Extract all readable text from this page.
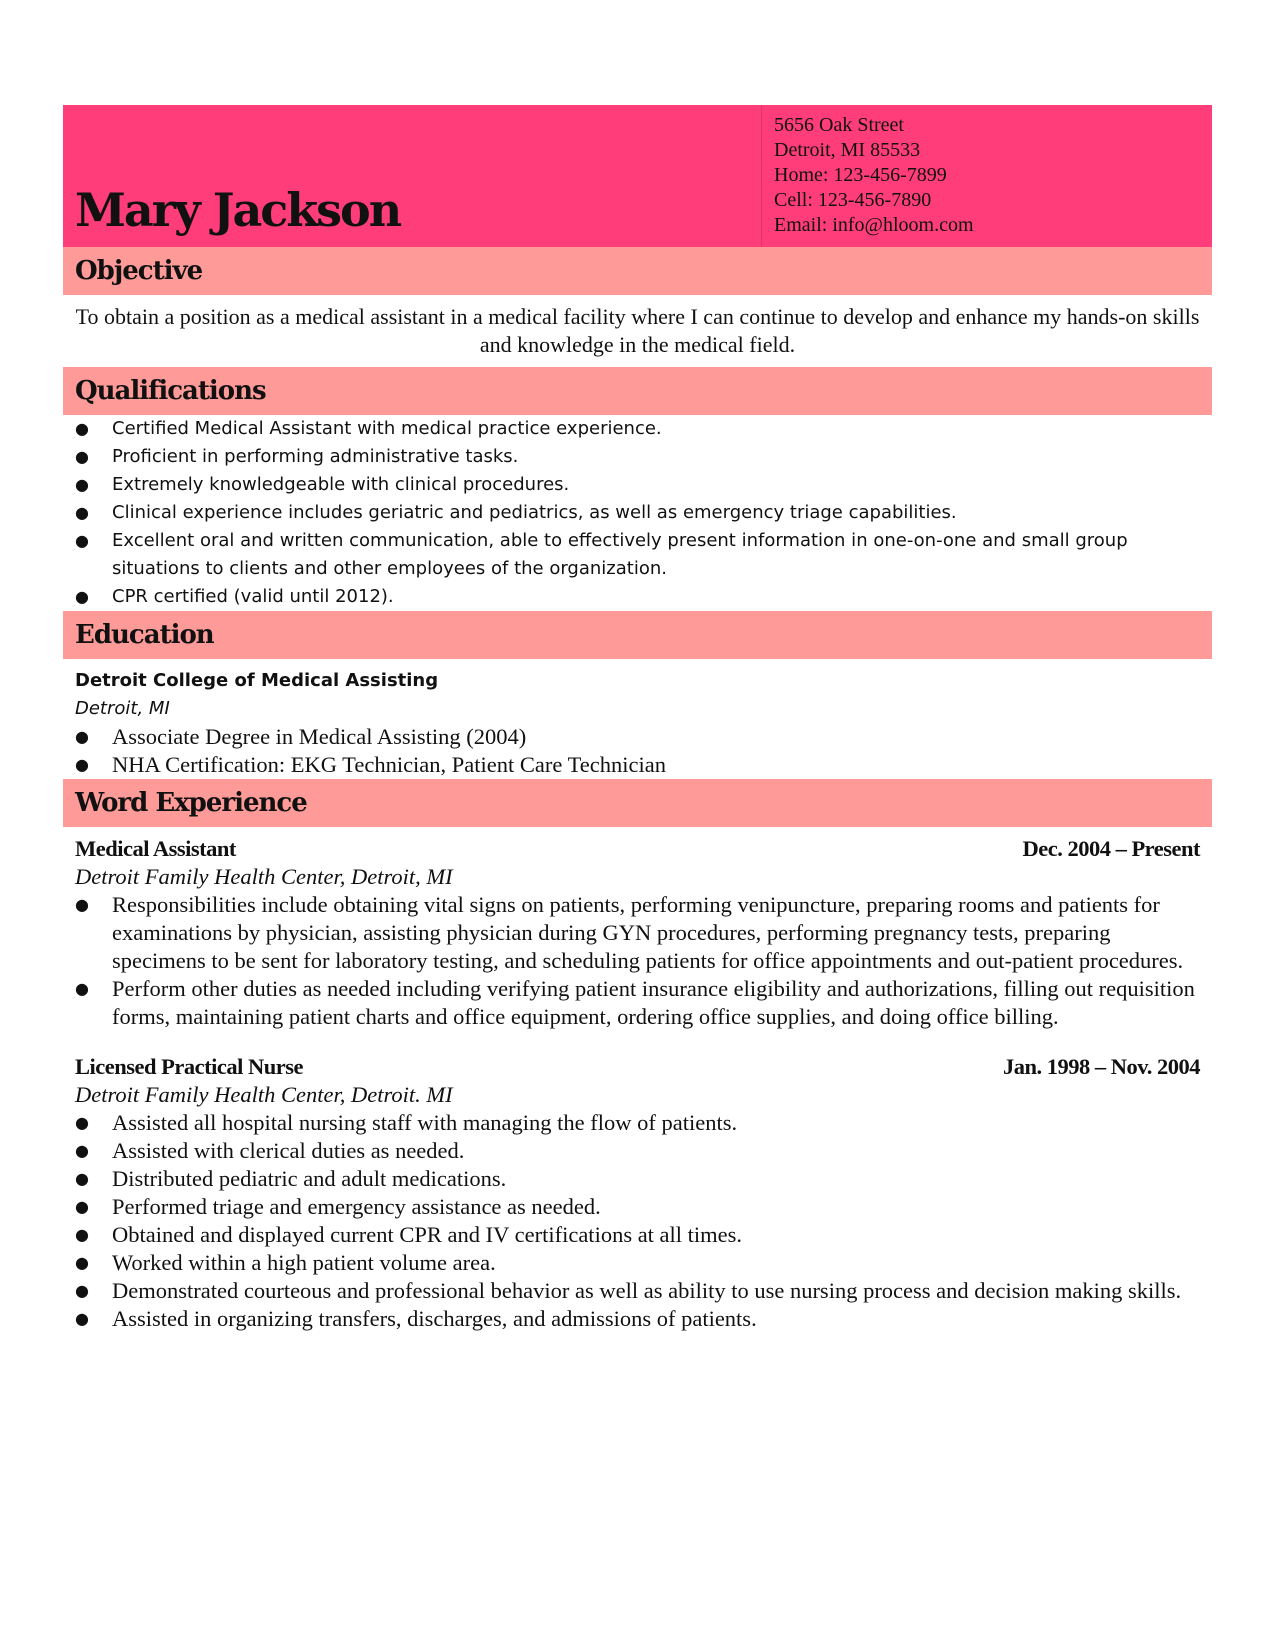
Mary Jackson
5656 Oak Street
Detroit, MI 85533
Home: 123-456-7899
Cell: 123-456-7890
Email: info@hloom.com
Objective
To obtain a position as a medical assistant in a medical facility where I can continue to develop and enhance my hands-on skills and knowledge in the medical field.
Qualifications
● Certified Medical Assistant with medical practice experience.
● Proficient in performing administrative tasks.
● Extremely knowledgeable with clinical procedures.
● Clinical experience includes geriatric and pediatrics, as well as emergency triage capabilities.
● Excellent oral and written communication, able to effectively present information in one-on-one and small group situations to clients and other employees of the organization.
● CPR certified (valid until 2012).
Education
Detroit College of Medical Assisting
Detroit, MI
● Associate Degree in Medical Assisting (2004)
● NHA Certification: EKG Technician, Patient Care Technician
Word Experience
Medical Assistant	Dec. 2004 – Present
Detroit Family Health Center, Detroit, MI
● Responsibilities include obtaining vital signs on patients, performing venipuncture, preparing rooms and patients for examinations by physician, assisting physician during GYN procedures, performing pregnancy tests, preparing specimens to be sent for laboratory testing, and scheduling patients for office appointments and out-patient procedures.
● Perform other duties as needed including verifying patient insurance eligibility and authorizations, filling out requisition forms, maintaining patient charts and office equipment, ordering office supplies, and doing office billing.
Licensed Practical Nurse	Jan. 1998 – Nov. 2004
Detroit Family Health Center, Detroit. MI
● Assisted all hospital nursing staff with managing the flow of patients.
● Assisted with clerical duties as needed.
● Distributed pediatric and adult medications.
● Performed triage and emergency assistance as needed.
● Obtained and displayed current CPR and IV certifications at all times.
● Worked within a high patient volume area.
● Demonstrated courteous and professional behavior as well as ability to use nursing process and decision making skills.
● Assisted in organizing transfers, discharges, and admissions of patients.
